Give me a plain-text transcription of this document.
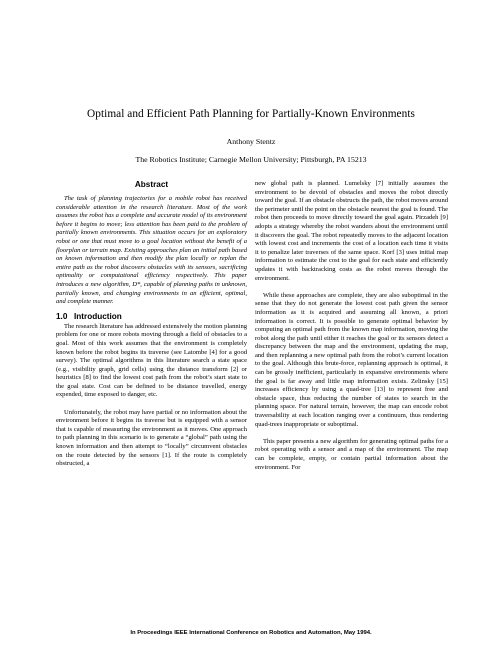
Optimal and Efficient Path Planning for Partially-Known Environments
Anthony Stentz
The Robotics Institute; Carnegie Mellon University; Pittsburgh, PA 15213
Abstract

The task of planning trajectories for a mobile robot has received considerable attention in the research literature. Most of the work assumes the robot has a complete and accurate model of its environment before it begins to move; less attention has been paid to the problem of partially known environments. This situation occurs for an exploratory robot or one that must move to a goal location without the benefit of a floorplan or terrain map. Existing approaches plan an initial path based on known information and then modify the plan locally or replan the entire path as the robot discovers obstacles with its sensors, sacrificing optimality or computational efficiency respectively. This paper introduces a new algorithm, D*, capable of planning paths in unknown, partially known, and changing environments in an efficient, optimal, and complete manner.

1.0 Introduction

The research literature has addressed extensively the motion planning problem for one or more robots moving through a field of obstacles to a goal. Most of this work assumes that the environment is completely known before the robot begins its traverse (see Latombe [4] for a good survey). The optimal algorithms in this literature search a state space (e.g., visibility graph, grid cells) using the distance transform [2] or heuristics [8] to find the lowest cost path from the robot’s start state to the goal state. Cost can be defined to be distance travelled, energy expended, time exposed to danger, etc.

Unfortunately, the robot may have partial or no information about the environment before it begins its traverse but is equipped with a sensor that is capable of measuring the environment as it moves. One approach to path planning in this scenario is to generate a “global” path using the known information and then attempt to “locally” circumvent obstacles on the route detected by the sensors [1]. If the route is completely obstructed, a

new global path is planned. Lumelsky [7] initially assumes the environment to be devoid of obstacles and moves the robot directly toward the goal. If an obstacle obstructs the path, the robot moves around the perimeter until the point on the obstacle nearest the goal is found. The robot then proceeds to move directly toward the goal again. Pirzadeh [9] adopts a strategy whereby the robot wanders about the environment until it discovers the goal. The robot repeatedly moves to the adjacent location with lowest cost and increments the cost of a location each time it visits it to penalize later traverses of the same space. Korf [3] uses initial map information to estimate the cost to the goal for each state and efficiently updates it with backtracking costs as the robot moves through the environment.

While these approaches are complete, they are also suboptimal in the sense that they do not generate the lowest cost path given the sensor information as it is acquired and assuming all known, a priori information is correct. It is possible to generate optimal behavior by computing an optimal path from the known map information, moving the robot along the path until either it reaches the goal or its sensors detect a discrepancy between the map and the environment, updating the map, and then replanning a new optimal path from the robot’s current location to the goal. Although this brute-force, replanning approach is optimal, it can be grossly inefficient, particularly in expansive environments where the goal is far away and little map information exists. Zelinsky [15] increases efficiency by using a quad-tree [13] to represent free and obstacle space, thus reducing the number of states to search in the planning space. For natural terrain, however, the map can encode robot traversability at each location ranging over a continuum, thus rendering quad-trees inappropriate or suboptimal.

This paper presents a new algorithm for generating optimal paths for a robot operating with a sensor and a map of the environment. The map can be complete, empty, or contain partial information about the environment. For

In Proceedings IEEE International Conference on Robotics and Automation, May 1994.
